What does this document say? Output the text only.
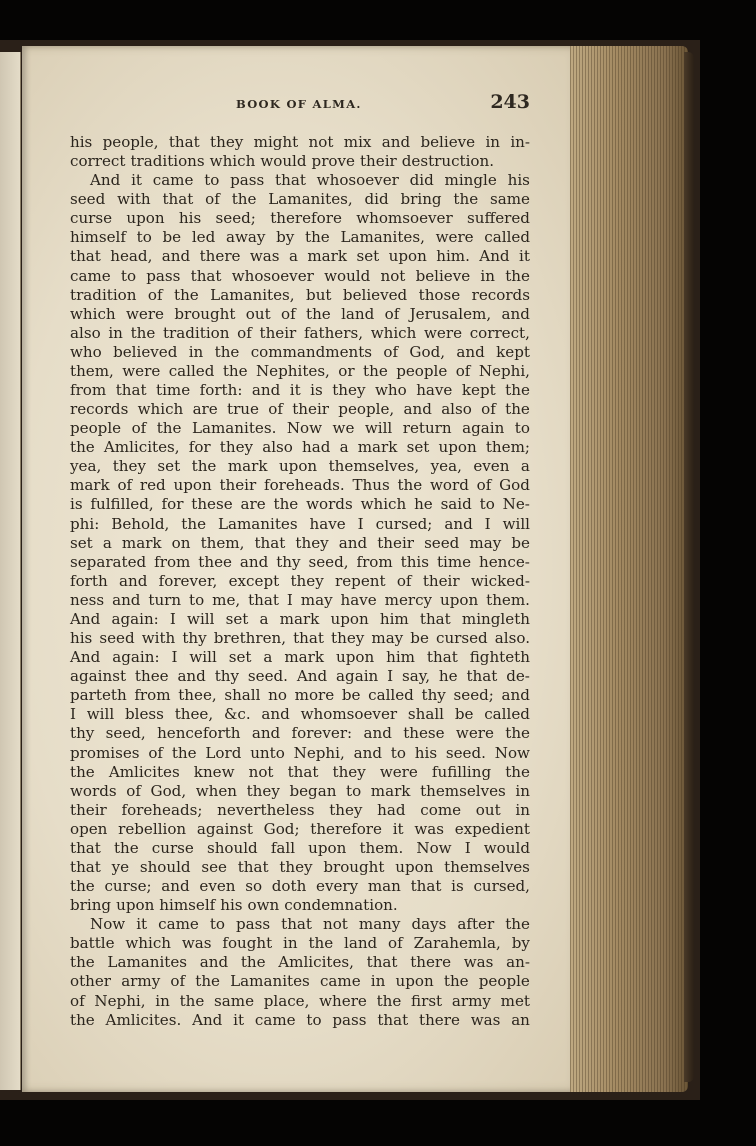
BOOK OF ALMA.	243
his people, that they might not mix and believe in in-
correct traditions which would prove their destruction.
And it came to pass that whosoever did mingle his
seed with that of the Lamanites, did bring the same
curse upon his seed; therefore whomsoever suffered
himself to be led away by the Lamanites, were called
that head, and there was a mark set upon him. And it
came to pass that whosoever would not believe in the
tradition of the Lamanites, but believed those records
which were brought out of the land of Jerusalem, and
also in the tradition of their fathers, which were correct,
who believed in the commandments of God, and kept
them, were called the Nephites, or the people of Nephi,
from that time forth: and it is they who have kept the
records which are true of their people, and also of the
people of the Lamanites. Now we will return again to
the Amlicites, for they also had a mark set upon them;
yea, they set the mark upon themselves, yea, even a
mark of red upon their foreheads. Thus the word of God
is fulfilled, for these are the words which he said to Ne-
phi: Behold, the Lamanites have I cursed; and I will
set a mark on them, that they and their seed may be
separated from thee and thy seed, from this time hence-
forth and forever, except they repent of their wicked-
ness and turn to me, that I may have mercy upon them.
And again: I will set a mark upon him that mingleth
his seed with thy brethren, that they may be cursed also.
And again: I will set a mark upon him that fighteth
against thee and thy seed. And again I say, he that de-
parteth from thee, shall no more be called thy seed; and
I will bless thee, &c. and whomsoever shall be called
thy seed, henceforth and forever: and these were the
promises of the Lord unto Nephi, and to his seed. Now
the Amlicites knew not that they were fufilling the
words of God, when they began to mark themselves in
their foreheads; nevertheless they had come out in
open rebellion against God; therefore it was expedient
that the curse should fall upon them. Now I would
that ye should see that they brought upon themselves
the curse; and even so doth every man that is cursed,
bring upon himself his own condemnation.
Now it came to pass that not many days after the
battle which was fought in the land of Zarahemla, by
the Lamanites and the Amlicites, that there was an-
other army of the Lamanites came in upon the people
of Nephi, in the same place, where the first army met
the Amlicites. And it came to pass that there was an
